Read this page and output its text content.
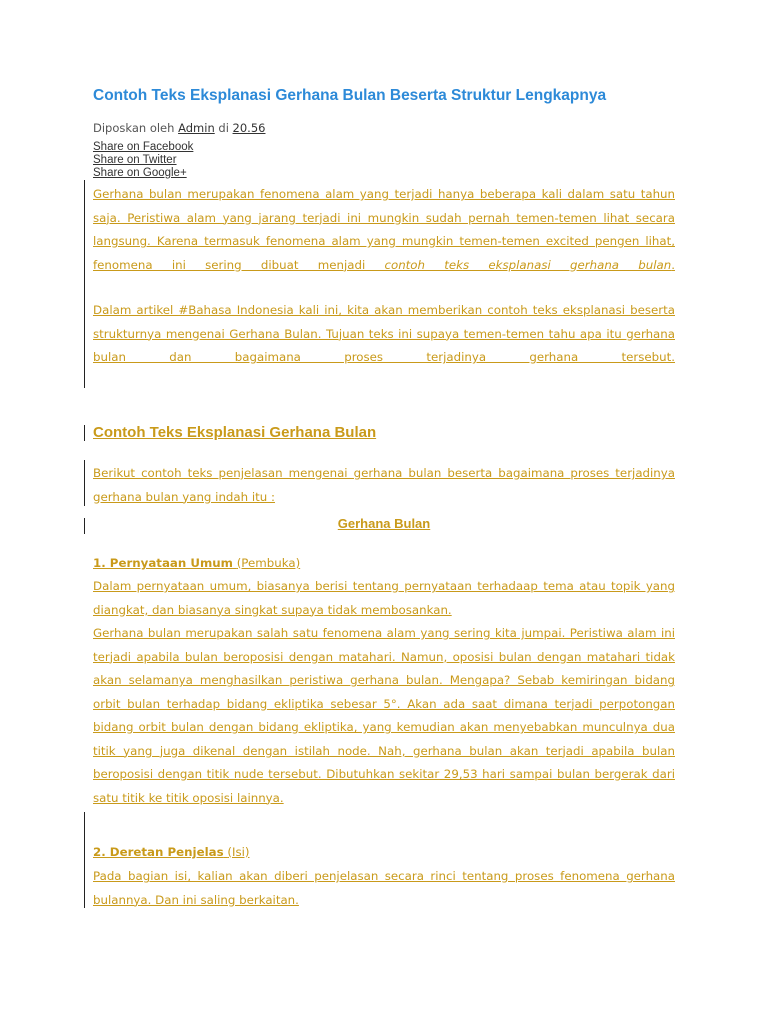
Contoh Teks Eksplanasi Gerhana Bulan Beserta Struktur Lengkapnya
Diposkan oleh Admin di 20.56
Share on Facebook
Share on Twitter
Share on Google+
Gerhana bulan merupakan fenomena alam yang terjadi hanya beberapa kali dalam satu tahun saja. Peristiwa alam yang jarang terjadi ini mungkin sudah pernah temen-temen lihat secara langsung. Karena termasuk fenomena alam yang mungkin temen-temen excited pengen lihat, fenomena ini sering dibuat menjadi contoh teks eksplanasi gerhana bulan.
Dalam artikel #Bahasa Indonesia kali ini, kita akan memberikan contoh teks eksplanasi beserta strukturnya mengenai Gerhana Bulan. Tujuan teks ini supaya temen-temen tahu apa itu gerhana bulan dan bagaimana proses terjadinya gerhana tersebut.
Contoh Teks Eksplanasi Gerhana Bulan
Berikut contoh teks penjelasan mengenai gerhana bulan beserta bagaimana proses terjadinya gerhana bulan yang indah itu :
Gerhana Bulan
1. Pernyataan Umum (Pembuka)
Dalam pernyataan umum, biasanya berisi tentang pernyataan terhadaap tema atau topik yang diangkat, dan biasanya singkat supaya tidak membosankan.
Gerhana bulan merupakan salah satu fenomena alam yang sering kita jumpai. Peristiwa alam ini terjadi apabila bulan beroposisi dengan matahari. Namun, oposisi bulan dengan matahari tidak akan selamanya menghasilkan peristiwa gerhana bulan. Mengapa? Sebab kemiringan bidang orbit bulan terhadap bidang ekliptika sebesar 5°. Akan ada saat dimana terjadi perpotongan bidang orbit bulan dengan bidang ekliptika, yang kemudian akan menyebabkan munculnya dua titik yang juga dikenal dengan istilah node. Nah, gerhana bulan akan terjadi apabila bulan beroposisi dengan titik nude tersebut. Dibutuhkan sekitar 29,53 hari sampai bulan bergerak dari satu titik ke titik oposisi lainnya.
2. Deretan Penjelas (Isi)
Pada bagian isi, kalian akan diberi penjelasan secara rinci tentang proses fenomena gerhana bulannya. Dan ini saling berkaitan.
